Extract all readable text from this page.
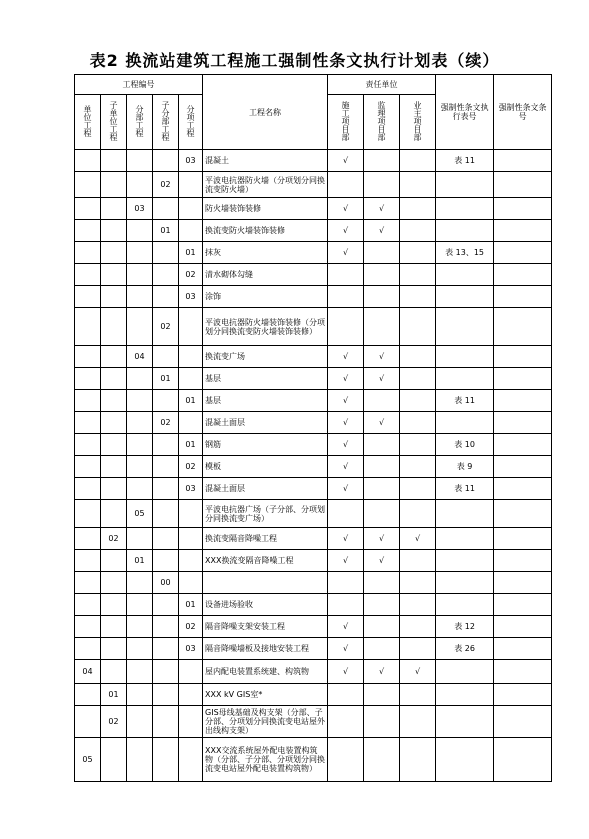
表2 换流站建筑工程施工强制性条文执行计划表（续）
工程编号					工程名称	责任单位			强制性条文执行表号	强制性条文条号
单位工程	子单位工程	分部工程	子分部工程	分项工程		施工项目部	监理项目部	业主项目部		
				03	混凝土	√			表 11	
			02		平波电抗器防火墙（分项划分同换流变防火墙）					
		03			防火墙装饰装修	√	√			
			01		换流变防火墙装饰装修	√	√			
				01	抹灰	√			表 13、15	
				02	清水砌体勾缝					
				03	涂饰					
			02		平波电抗器防火墙装饰装修（分项划分同换流变防火墙装饰装修）					
		04			换流变广场	√	√			
			01		基层	√	√			
				01	基层	√			表 11	
			02		混凝土面层	√	√			
				01	钢筋	√			表 10	
				02	模板	√			表 9	
				03	混凝土面层	√			表 11	
		05			平波电抗器广场（子分部、分项划分同换流变广场）					
	02				换流变隔音降噪工程	√	√	√		
		01			XXX换流变隔音降噪工程	√	√			
			00							
				01	设备进场验收					
				02	隔音降噪支架安装工程	√			表 12	
				03	隔音降噪墙板及接地安装工程	√			表 26	
04					屋内配电装置系统建、构筑物	√	√	√		
	01				XXX kV GIS室*					
	02				GIS母线基础及构支架（分部、子分部、分项划分同换流变电站屋外出线构支架）					
05					XXX交流系统屋外配电装置构筑物（分部、子分部、分项划分同换流变电站屋外配电装置构筑物）					
